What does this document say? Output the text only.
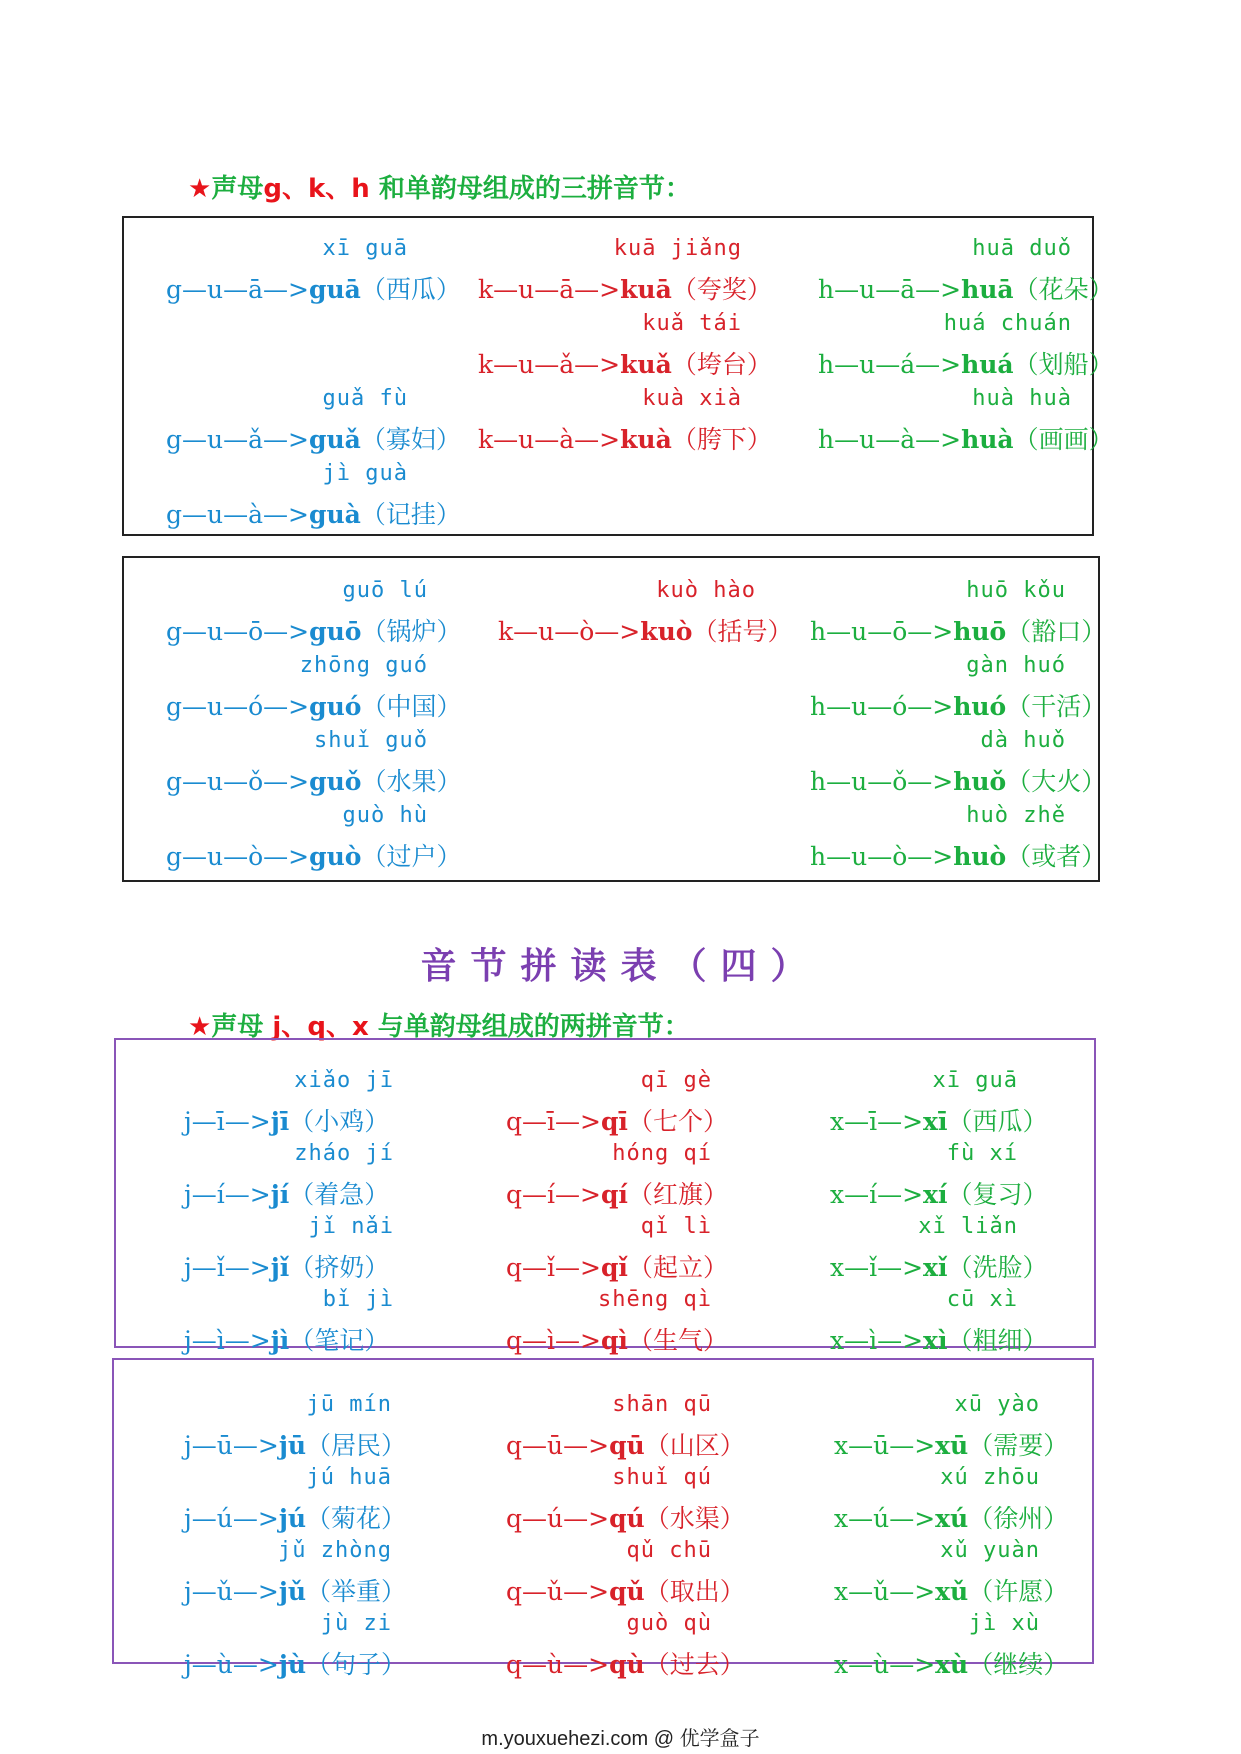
★声母g、k、h 和单韵母组成的三拼音节：
音节拼读表（四）
★声母 j、q、x 与单韵母组成的两拼音节：
xī guā
g—u—ā—>guā（西瓜）
guǎ fù
g—u—ǎ—>guǎ（寡妇）
jì guà
g—u—à—>guà（记挂）
kuā jiǎng
k—u—ā—>kuā（夸奖）
kuǎ tái
k—u—ǎ—>kuǎ（垮台）
kuà xià
k—u—à—>kuà（胯下）
huā duǒ
h—u—ā—>huā（花朵）
huá chuán
h—u—á—>huá（划船）
huà huà
h—u—à—>huà（画画）
guō lú
g—u—ō—>guō（锅炉）
zhōng guó
g—u—ó—>guó（中国）
shuǐ guǒ
g—u—ǒ—>guǒ（水果）
guò hù
g—u—ò—>guò（过户）
kuò hào
k—u—ò—>kuò（括号）
huō kǒu
h—u—ō—>huō（豁口）
gàn huó
h—u—ó—>huó（干活）
dà huǒ
h—u—ǒ—>huǒ（大火）
huò zhě
h—u—ò—>huò（或者）
xiǎo jī
j—ī—>jī（小鸡）
zháo jí
j—í—>jí（着急）
jǐ nǎi
j—ǐ—>jǐ（挤奶）
bǐ jì
j—ì—>jì（笔记）
qī gè
q—ī—>qī（七个）
hóng qí
q—í—>qí（红旗）
qǐ lì
q—ǐ—>qǐ（起立）
shēng qì
q—ì—>qì（生气）
xī guā
x—ī—>xī（西瓜）
fù xí
x—í—>xí（复习）
xǐ liǎn
x—ǐ—>xǐ（洗脸）
cū xì
x—ì—>xì（粗细）
jū mín
j—ū—>jū（居民）
jú huā
j—ú—>jú（菊花）
jǔ zhòng
j—ǔ—>jǔ（举重）
jù zi
j—ù—>jù（句子）
shān qū
q—ū—>qū（山区）
shuǐ qú
q—ú—>qú（水渠）
qǔ chū
q—ǔ—>qǔ（取出）
guò qù
q—ù—>qù（过去）
xū yào
x—ū—>xū（需要）
xú zhōu
x—ú—>xú（徐州）
xǔ yuàn
x—ǔ—>xǔ（许愿）
jì xù
x—ù—>xù（继续）
m.youxuehezi.com @ 优学盒子
